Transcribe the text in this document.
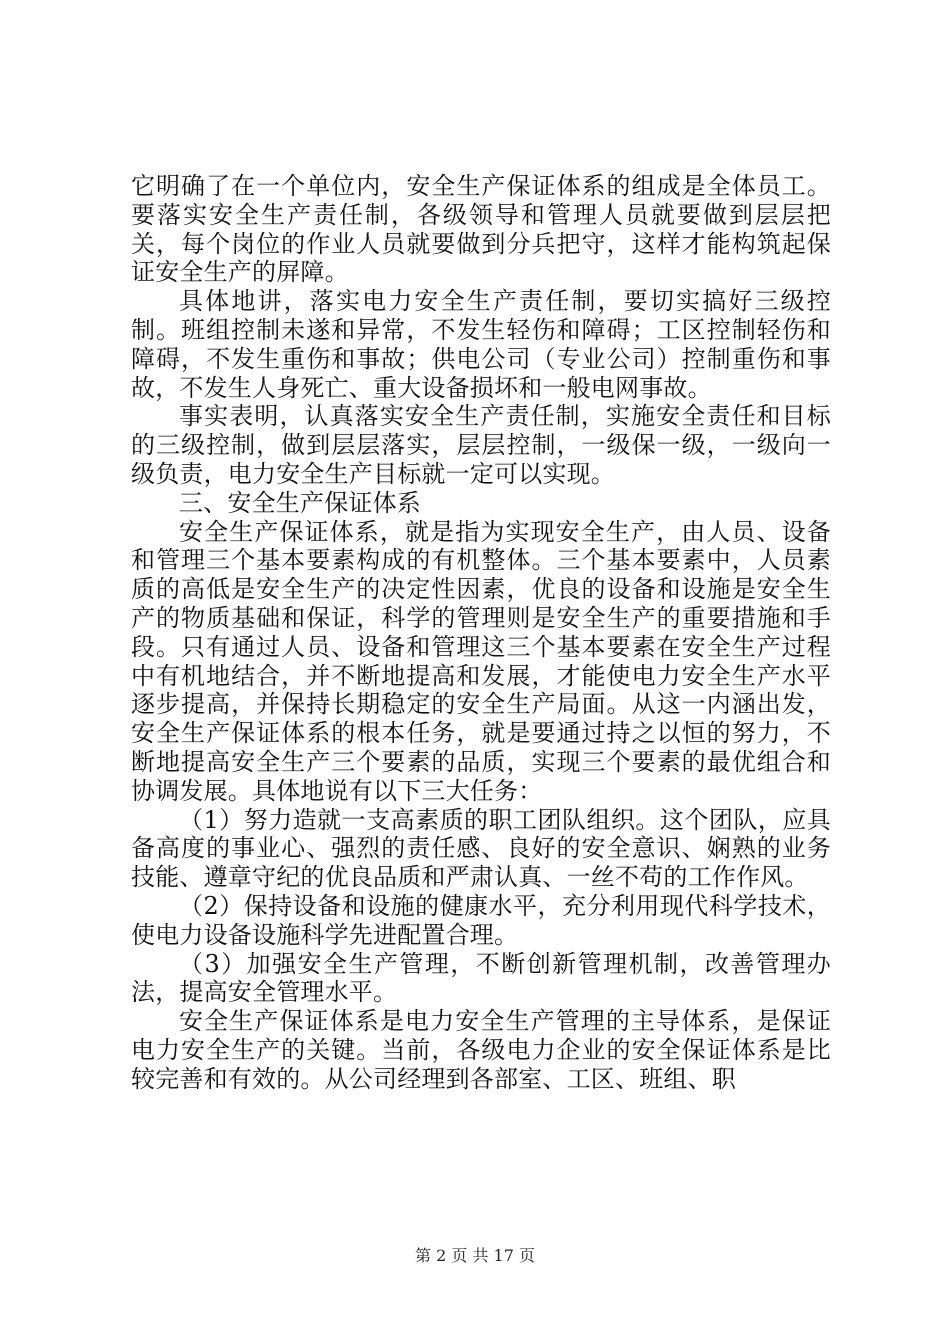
它明确了在一个单位内，安全生产保证体系的组成是全体员工。要落实安全生产责任制，各级领导和管理人员就要做到层层把关，每个岗位的作业人员就要做到分兵把守，这样才能构筑起保证安全生产的屏障。

具体地讲，落实电力安全生产责任制，要切实搞好三级控制。班组控制未遂和异常，不发生轻伤和障碍；工区控制轻伤和障碍，不发生重伤和事故；供电公司（专业公司）控制重伤和事故，不发生人身死亡、重大设备损坏和一般电网事故。

事实表明，认真落实安全生产责任制，实施安全责任和目标的三级控制，做到层层落实，层层控制，一级保一级，一级向一级负责，电力安全生产目标就一定可以实现。

三、安全生产保证体系

安全生产保证体系，就是指为实现安全生产，由人员、设备和管理三个基本要素构成的有机整体。三个基本要素中，人员素质的高低是安全生产的决定性因素，优良的设备和设施是安全生产的物质基础和保证，科学的管理则是安全生产的重要措施和手段。只有通过人员、设备和管理这三个基本要素在安全生产过程中有机地结合，并不断地提高和发展，才能使电力安全生产水平逐步提高，并保持长期稳定的安全生产局面。从这一内涵出发，安全生产保证体系的根本任务，就是要通过持之以恒的努力，不断地提高安全生产三个要素的品质，实现三个要素的最优组合和协调发展。具体地说有以下三大任务：

（1）努力造就一支高素质的职工团队组织。这个团队，应具备高度的事业心、强烈的责任感、良好的安全意识、娴熟的业务技能、遵章守纪的优良品质和严肃认真、一丝不苟的工作作风。

（2）保持设备和设施的健康水平，充分利用现代科学技术，使电力设备设施科学先进配置合理。

（3）加强安全生产管理，不断创新管理机制，改善管理办法，提高安全管理水平。

安全生产保证体系是电力安全生产管理的主导体系，是保证电力安全生产的关键。当前，各级电力企业的安全保证体系是比较完善和有效的。从公司经理到各部室、工区、班组、职

第 2 页 共 17 页
